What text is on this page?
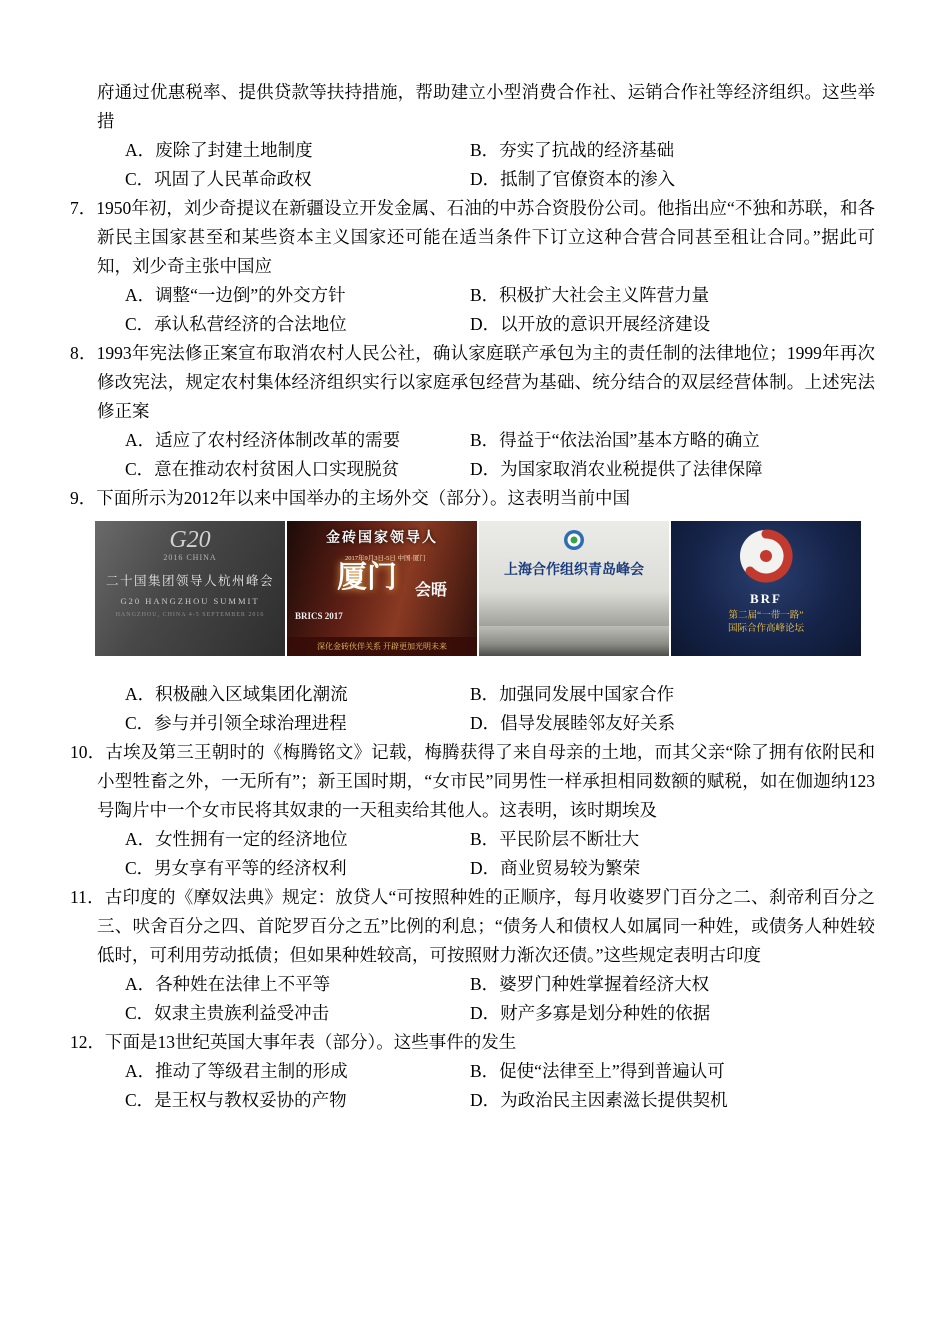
府通过优惠税率、提供贷款等扶持措施，帮助建立小型消费合作社、运销合作社等经济组织。这些举措

A．废除了封建土地制度	B．夯实了抗战的经济基础
C．巩固了人民革命政权	D．抵制了官僚资本的渗入

7．1950年初，刘少奇提议在新疆设立开发金属、石油的中苏合资股份公司。他指出应“不独和苏联，和各新民主国家甚至和某些资本主义国家还可能在适当条件下订立这种合营合同甚至租让合同。”据此可知，刘少奇主张中国应

A．调整“一边倒”的外交方针	B．积极扩大社会主义阵营力量
C．承认私营经济的合法地位	D．以开放的意识开展经济建设

8．1993年宪法修正案宣布取消农村人民公社，确认家庭联产承包为主的责任制的法律地位；1999年再次修改宪法，规定农村集体经济组织实行以家庭承包经营为基础、统分结合的双层经营体制。上述宪法修正案

A．适应了农村经济体制改革的需要	B．得益于“依法治国”基本方略的确立
C．意在推动农村贫困人口实现脱贫	D．为国家取消农业税提供了法律保障

9．下面所示为2012年以来中国举办的主场外交（部分）。这表明当前中国

G20
2016 CHINA
二十国集团领导人杭州峰会
G20 HANGZHOU SUMMIT
HANGZHOU, CHINA 4-5 SEPTEMBER 2016
金砖国家领导人
2017年9月3日-5日 中国·厦门
厦门 会晤
BRICS 2017
深化金砖伙伴关系 开辟更加光明未来
上海合作组织青岛峰会
BRF
第二届“一带一路”
国际合作高峰论坛
A．积极融入区域集团化潮流	B．加强同发展中国家合作
C．参与并引领全球治理进程	D．倡导发展睦邻友好关系

10．古埃及第三王朝时的《梅腾铭文》记载，梅腾获得了来自母亲的土地，而其父亲“除了拥有依附民和小型牲畜之外，一无所有”；新王国时期，“女市民”同男性一样承担相同数额的赋税，如在伽迦纳123号陶片中一个女市民将其奴隶的一天租卖给其他人。这表明，该时期埃及

A．女性拥有一定的经济地位	B．平民阶层不断壮大
C．男女享有平等的经济权利	D．商业贸易较为繁荣

11．古印度的《摩奴法典》规定：放贷人“可按照种姓的正顺序，每月收婆罗门百分之二、刹帝利百分之三、吠舍百分之四、首陀罗百分之五”比例的利息；“债务人和债权人如属同一种姓，或债务人种姓较低时，可利用劳动抵债；但如果种姓较高，可按照财力渐次还债。”这些规定表明古印度

A．各种姓在法律上不平等	B．婆罗门种姓掌握着经济大权
C．奴隶主贵族利益受冲击	D．财产多寡是划分种姓的依据

12．下面是13世纪英国大事年表（部分）。这些事件的发生

A．推动了等级君主制的形成	B．促使“法律至上”得到普遍认可
C．是王权与教权妥协的产物	D．为政治民主因素滋长提供契机
